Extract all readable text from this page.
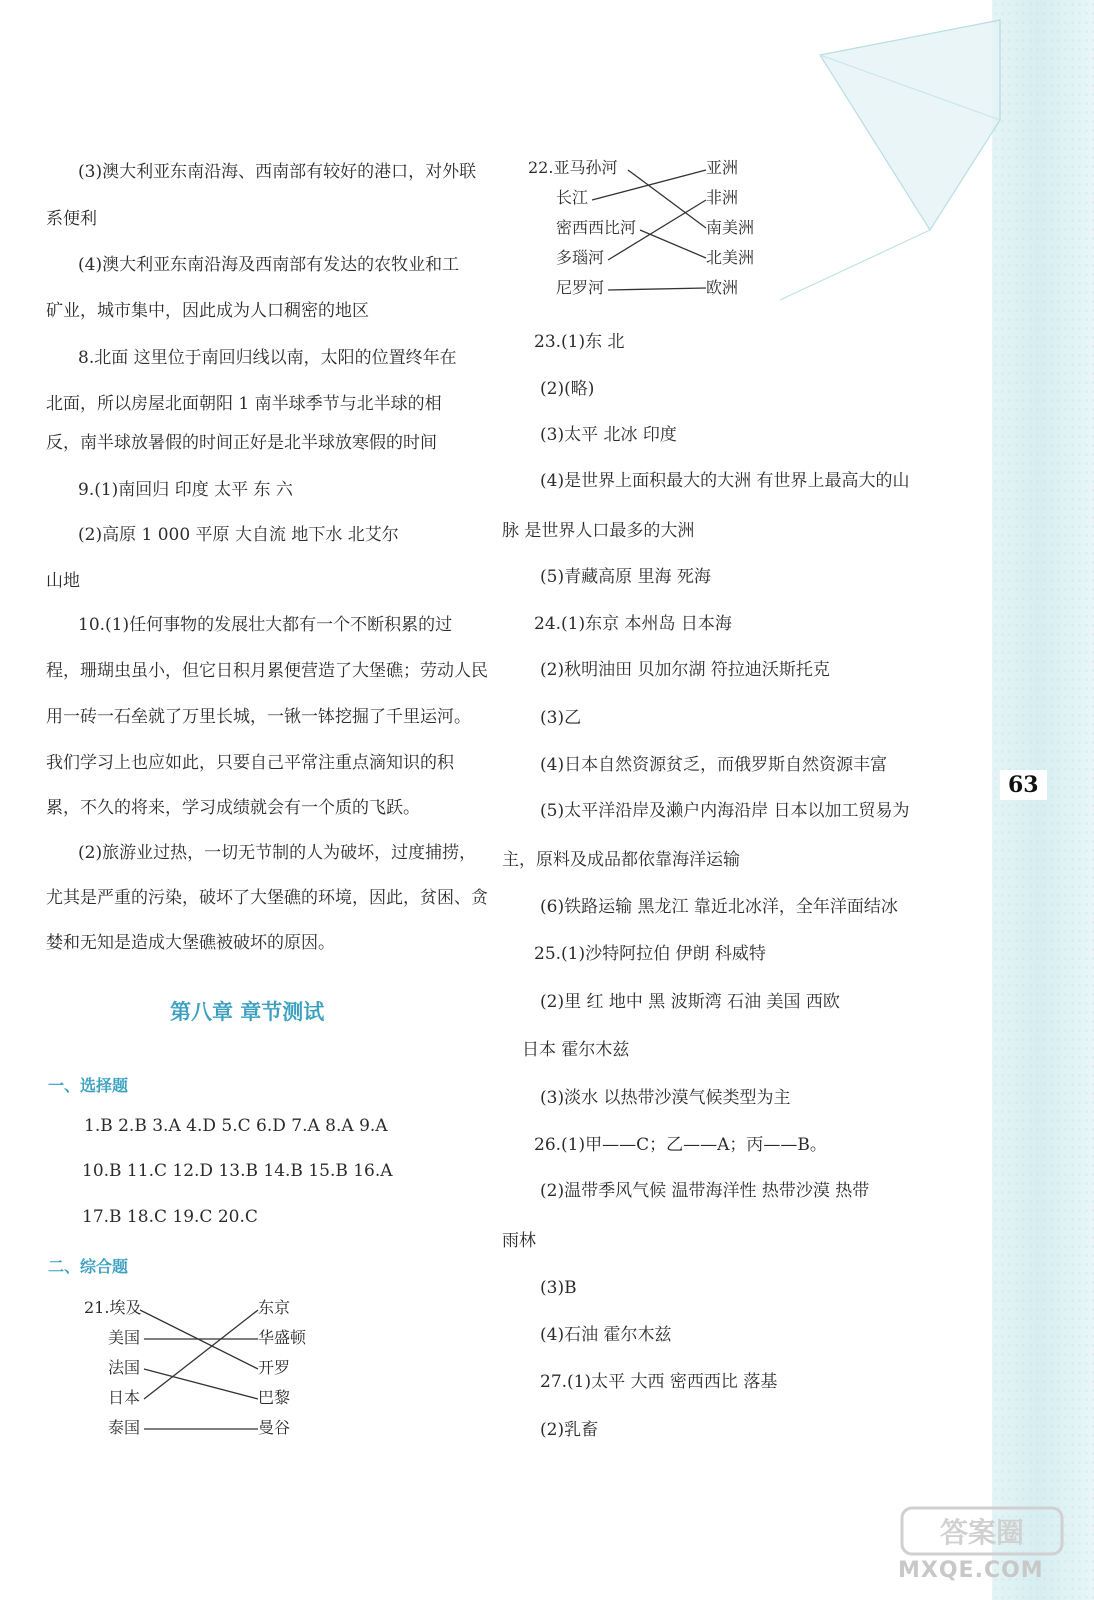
(3)澳大利亚东南沿海、西南部有较好的港口，对外联
系便利
(4)澳大利亚东南沿海及西南部有发达的农牧业和工
矿业，城市集中，因此成为人口稠密的地区
8.北面 这里位于南回归线以南，太阳的位置终年在
北面，所以房屋北面朝阳 1 南半球季节与北半球的相
反，南半球放暑假的时间正好是北半球放寒假的时间
9.(1)南回归 印度 太平 东 六
(2)高原 1 000 平原 大自流 地下水 北艾尔
山地
10.(1)任何事物的发展壮大都有一个不断积累的过
程，珊瑚虫虽小，但它日积月累便营造了大堡礁；劳动人民
用一砖一石垒就了万里长城，一锹一钵挖掘了千里运河。
我们学习上也应如此，只要自己平常注重点滴知识的积
累，不久的将来，学习成绩就会有一个质的飞跃。
(2)旅游业过热，一切无节制的人为破坏，过度捕捞，
尤其是严重的污染，破坏了大堡礁的环境，因此，贫困、贪
婪和无知是造成大堡礁被破坏的原因。
第八章 章节测试
一、选择题
1.B 2.B 3.A 4.D 5.C 6.D 7.A 8.A 9.A
10.B 11.C 12.D 13.B 14.B 15.B 16.A
17.B 18.C 19.C 20.C
二、综合题
21.埃及
美国
法国
日本
泰国
东京
华盛顿
开罗
巴黎
曼谷
22.亚马孙河
长江
密西西比河
多瑙河
尼罗河
亚洲
非洲
南美洲
北美洲
欧洲
23.(1)东 北
(2)(略)
(3)太平 北冰 印度
(4)是世界上面积最大的大洲 有世界上最高大的山
脉 是世界人口最多的大洲
(5)青藏高原 里海 死海
24.(1)东京 本州岛 日本海
(2)秋明油田 贝加尔湖 符拉迪沃斯托克
(3)乙
(4)日本自然资源贫乏，而俄罗斯自然资源丰富
(5)太平洋沿岸及濑户内海沿岸 日本以加工贸易为
主，原料及成品都依靠海洋运输
(6)铁路运输 黑龙江 靠近北冰洋，全年洋面结冰
25.(1)沙特阿拉伯 伊朗 科威特
(2)里 红 地中 黑 波斯湾 石油 美国 西欧
日本 霍尔木兹
(3)淡水 以热带沙漠气候类型为主
26.(1)甲——C；乙——A；丙——B。
(2)温带季风气候 温带海洋性 热带沙漠 热带
雨林
(3)B
(4)石油 霍尔木兹
27.(1)太平 大西 密西西比 落基
(2)乳畜
63
答案圈
MXQE.COM
